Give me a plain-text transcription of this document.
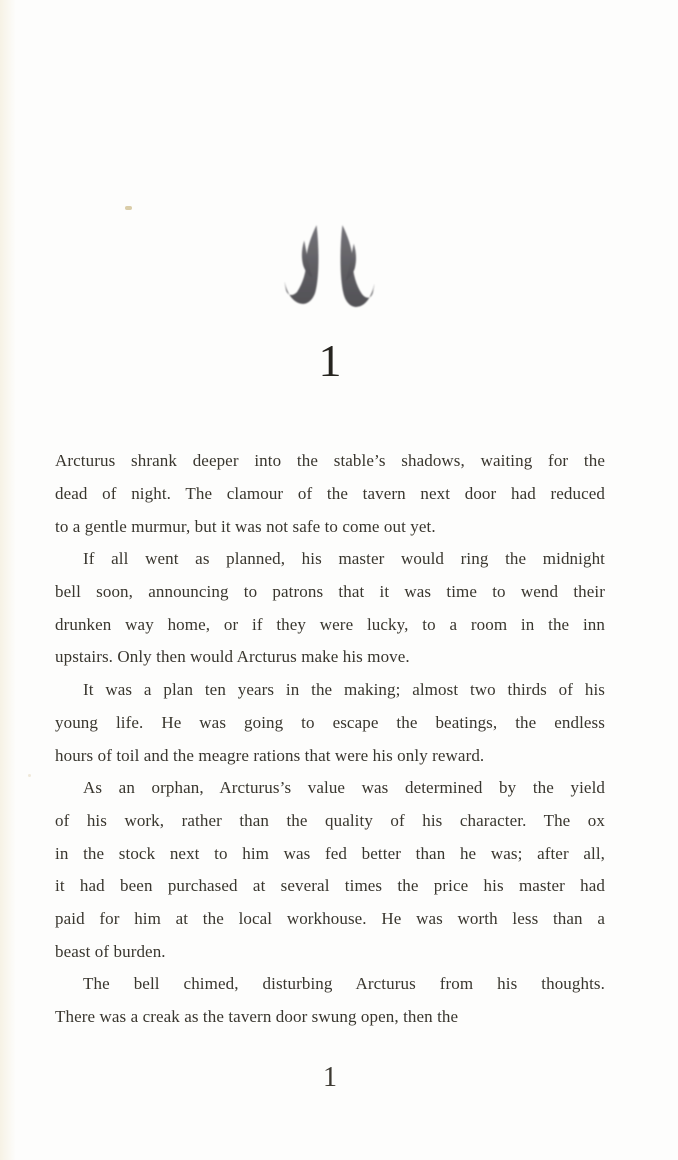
1
Arcturus shrank deeper into the stable’s shadows, waiting for the
dead of night. The clamour of the tavern next door had reduced
to a gentle murmur, but it was not safe to come out yet.
If all went as planned, his master would ring the midnight
bell soon, announcing to patrons that it was time to wend their
drunken way home, or if they were lucky, to a room in the inn
upstairs. Only then would Arcturus make his move.
It was a plan ten years in the making; almost two thirds of his
young life. He was going to escape the beatings, the endless
hours of toil and the meagre rations that were his only reward.
As an orphan, Arcturus’s value was determined by the yield
of his work, rather than the quality of his character. The ox
in the stock next to him was fed better than he was; after all,
it had been purchased at several times the price his master had
paid for him at the local workhouse. He was worth less than a
beast of burden.
The bell chimed, disturbing Arcturus from his thoughts.
There was a creak as the tavern door swung open, then the
1
